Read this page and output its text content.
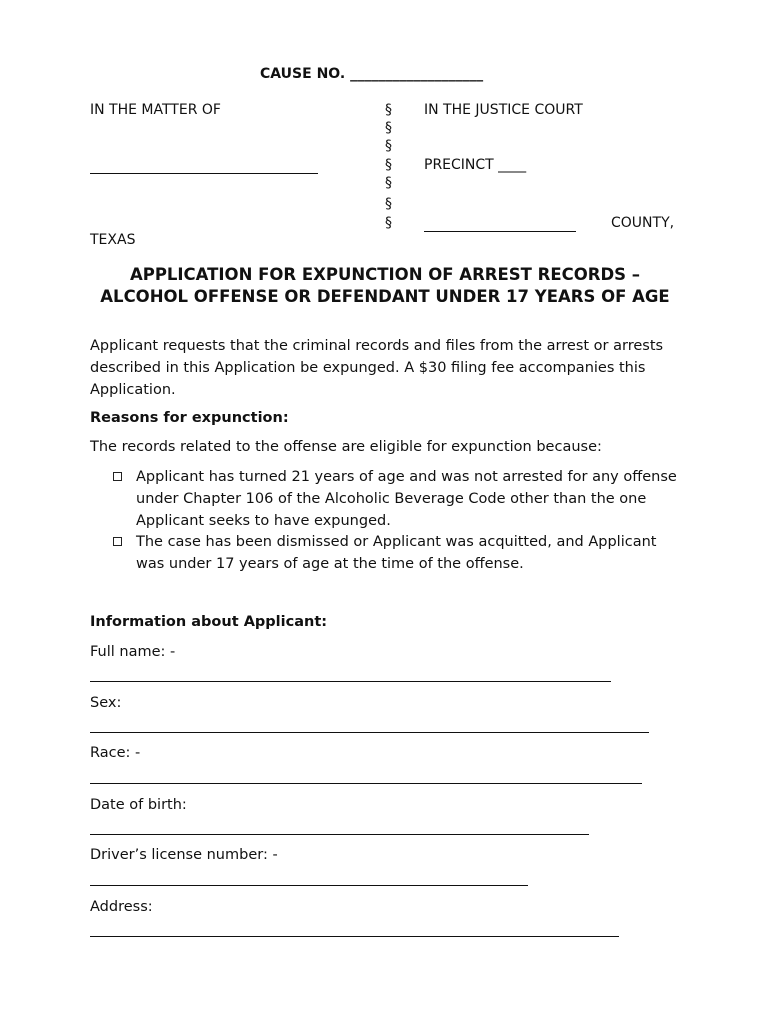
CAUSE NO. ___________________
IN THE MATTER OF
TEXAS
§
§
§
§
§
§
§
IN THE JUSTICE COURT
PRECINCT ____
COUNTY,
APPLICATION FOR EXPUNCTION OF ARREST RECORDS – ALCOHOL OFFENSE OR DEFENDANT UNDER 17 YEARS OF AGE
Applicant requests that the criminal records and files from the arrest or arrests described in this Application be expunged. A $30 filing fee accompanies this Application.
Reasons for expunction:
The records related to the offense are eligible for expunction because:
Applicant has turned 21 years of age and was not arrested for any offense under Chapter 106 of the Alcoholic Beverage Code other than the one Applicant seeks to have expunged.
The case has been dismissed or Applicant was acquitted, and Applicant was under 17 years of age at the time of the offense.
Information about Applicant:
Full name: -
Sex:
Race: -
Date of birth:
Driver’s license number: -
Address:
